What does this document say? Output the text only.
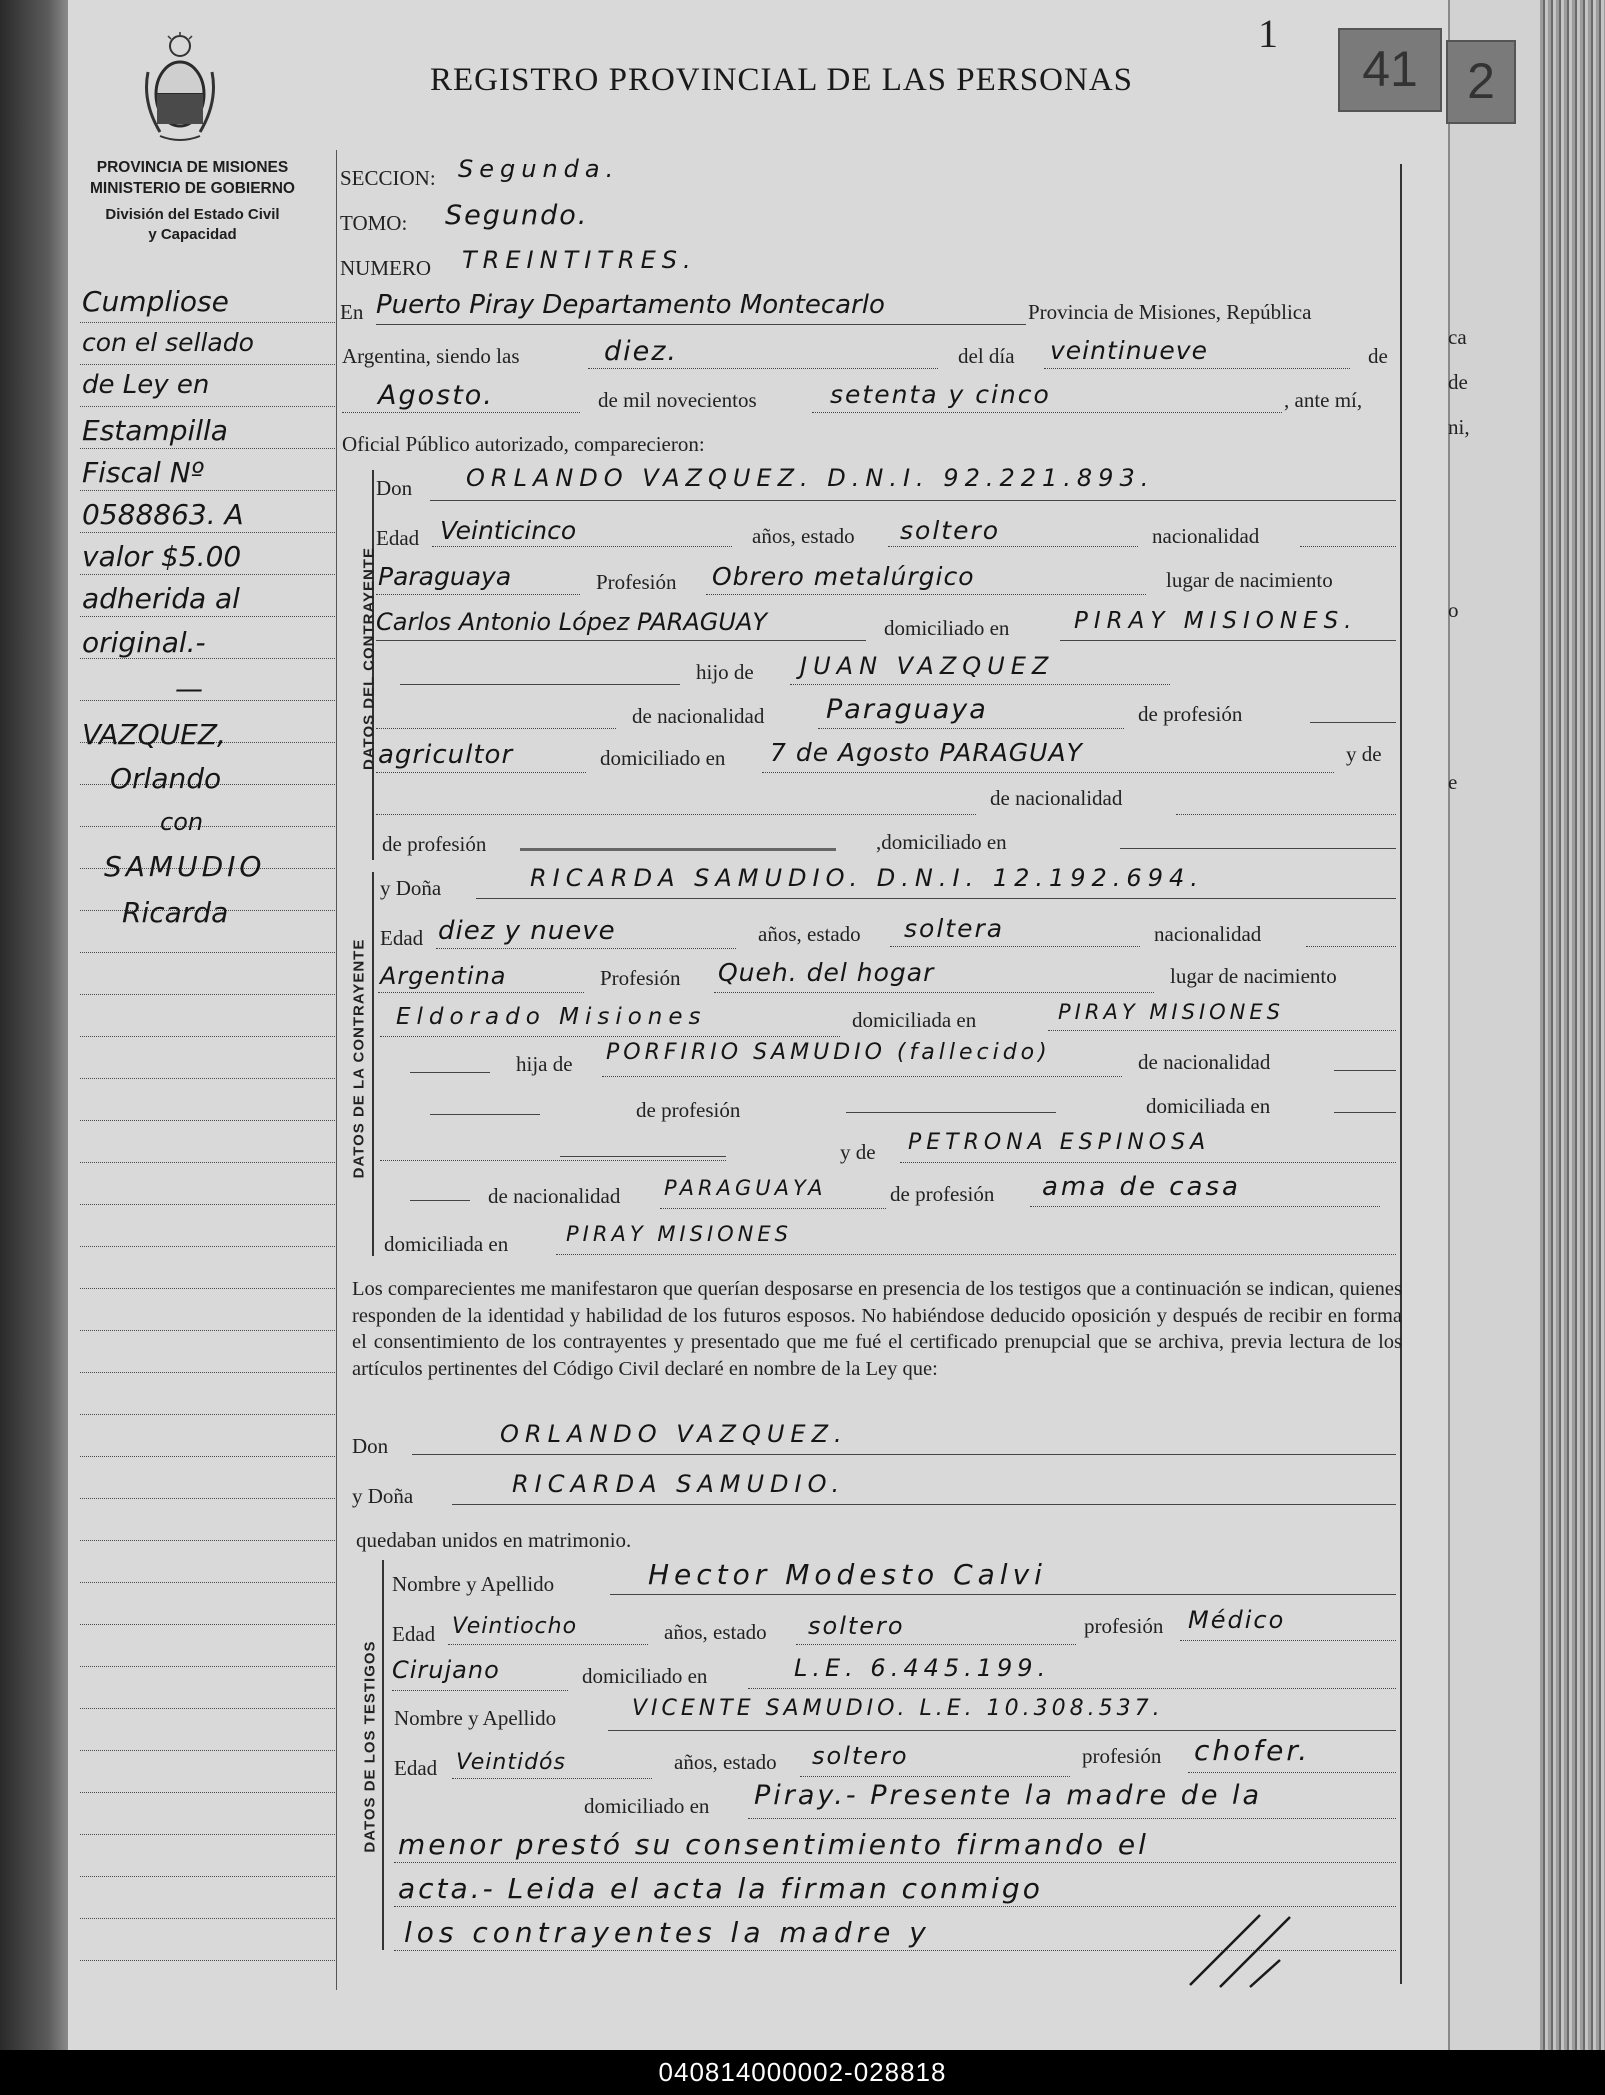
ca
de
ni,
o
e
1
41 2
REGISTRO PROVINCIAL DE LAS PERSONAS
PROVINCIA DE MISIONES
MINISTERIO DE GOBIERNO
División del Estado Civil
y Capacidad
Cumpliose
con el sellado
de Ley en
Estampilla
Fiscal Nº
0588863. A
valor $5.00
adherida al
original.-
—
VAZQUEZ,
Orlando
con
SAMUDIO
Ricarda
SECCION: Segunda.
TOMO: Segundo.
NUMERO TREINTITRES.
En Puerto Piray Departamento Montecarlo	Provincia de Misiones, República
Argentina, siendo las	diez.	del día veintinueve	de
Agosto.	de mil novecientos	setenta y cinco	, ante mí,
Oficial Público autorizado, comparecieron:
DATOS DEL CONTRAYENTE
Don ORLANDO VAZQUEZ. D.N.I. 92.221.893.
Edad Veinticinco	años, estado soltero	nacionalidad
Paraguaya	Profesión Obrero metalúrgico	lugar de nacimiento
Carlos Antonio López PARAGUAY	domiciliado en	PIRAY MISIONES.
hijo de JUAN VAZQUEZ
de nacionalidad Paraguaya	de profesión
agricultor	domiciliado en 7 de Agosto PARAGUAY	y de
de nacionalidad
de profesión	,domiciliado en
DATOS DE LA CONTRAYENTE
y Doña	RICARDA SAMUDIO. D.N.I. 12.192.694.
Edad diez y nueve	años, estado soltera	nacionalidad
Argentina	Profesión Queh. del hogar	lugar de nacimiento
Eldorado Misiones	domiciliada en	PIRAY MISIONES
hija de PORFIRIO SAMUDIO (fallecido)	de nacionalidad
de profesión	domiciliada en
y de PETRONA ESPINOSA
de nacionalidad PARAGUAYA	de profesión ama de casa
domiciliada en	PIRAY MISIONES
Los comparecientes me manifestaron que querían desposarse en presencia de los testigos que a continuación se indican, quienes responden de la identidad y habilidad de los futuros esposos. No habiéndose deducido oposición y después de recibir en forma el consentimiento de los contrayentes y presentado que me fué el certificado prenupcial que se archiva, previa lectura de los artículos pertinentes del Código Civil declaré en nombre de la Ley que:
Don	ORLANDO VAZQUEZ.
y Doña	RICARDA SAMUDIO.
quedaban unidos en matrimonio.
DATOS DE LOS TESTIGOS
Nombre y Apellido	Hector Modesto Calvi
Edad Veintiocho	años, estado soltero	profesión Médico
Cirujano	domiciliado en	L.E. 6.445.199.
Nombre y Apellido	VICENTE SAMUDIO. L.E. 10.308.537.
Edad Veintidós	años, estado soltero	profesión chofer.
domiciliado en Piray.- Presente la madre de la
menor prestó su consentimiento firmando el
acta.- Leida el acta la firman conmigo
los contrayentes la madre y
040814000002-028818
